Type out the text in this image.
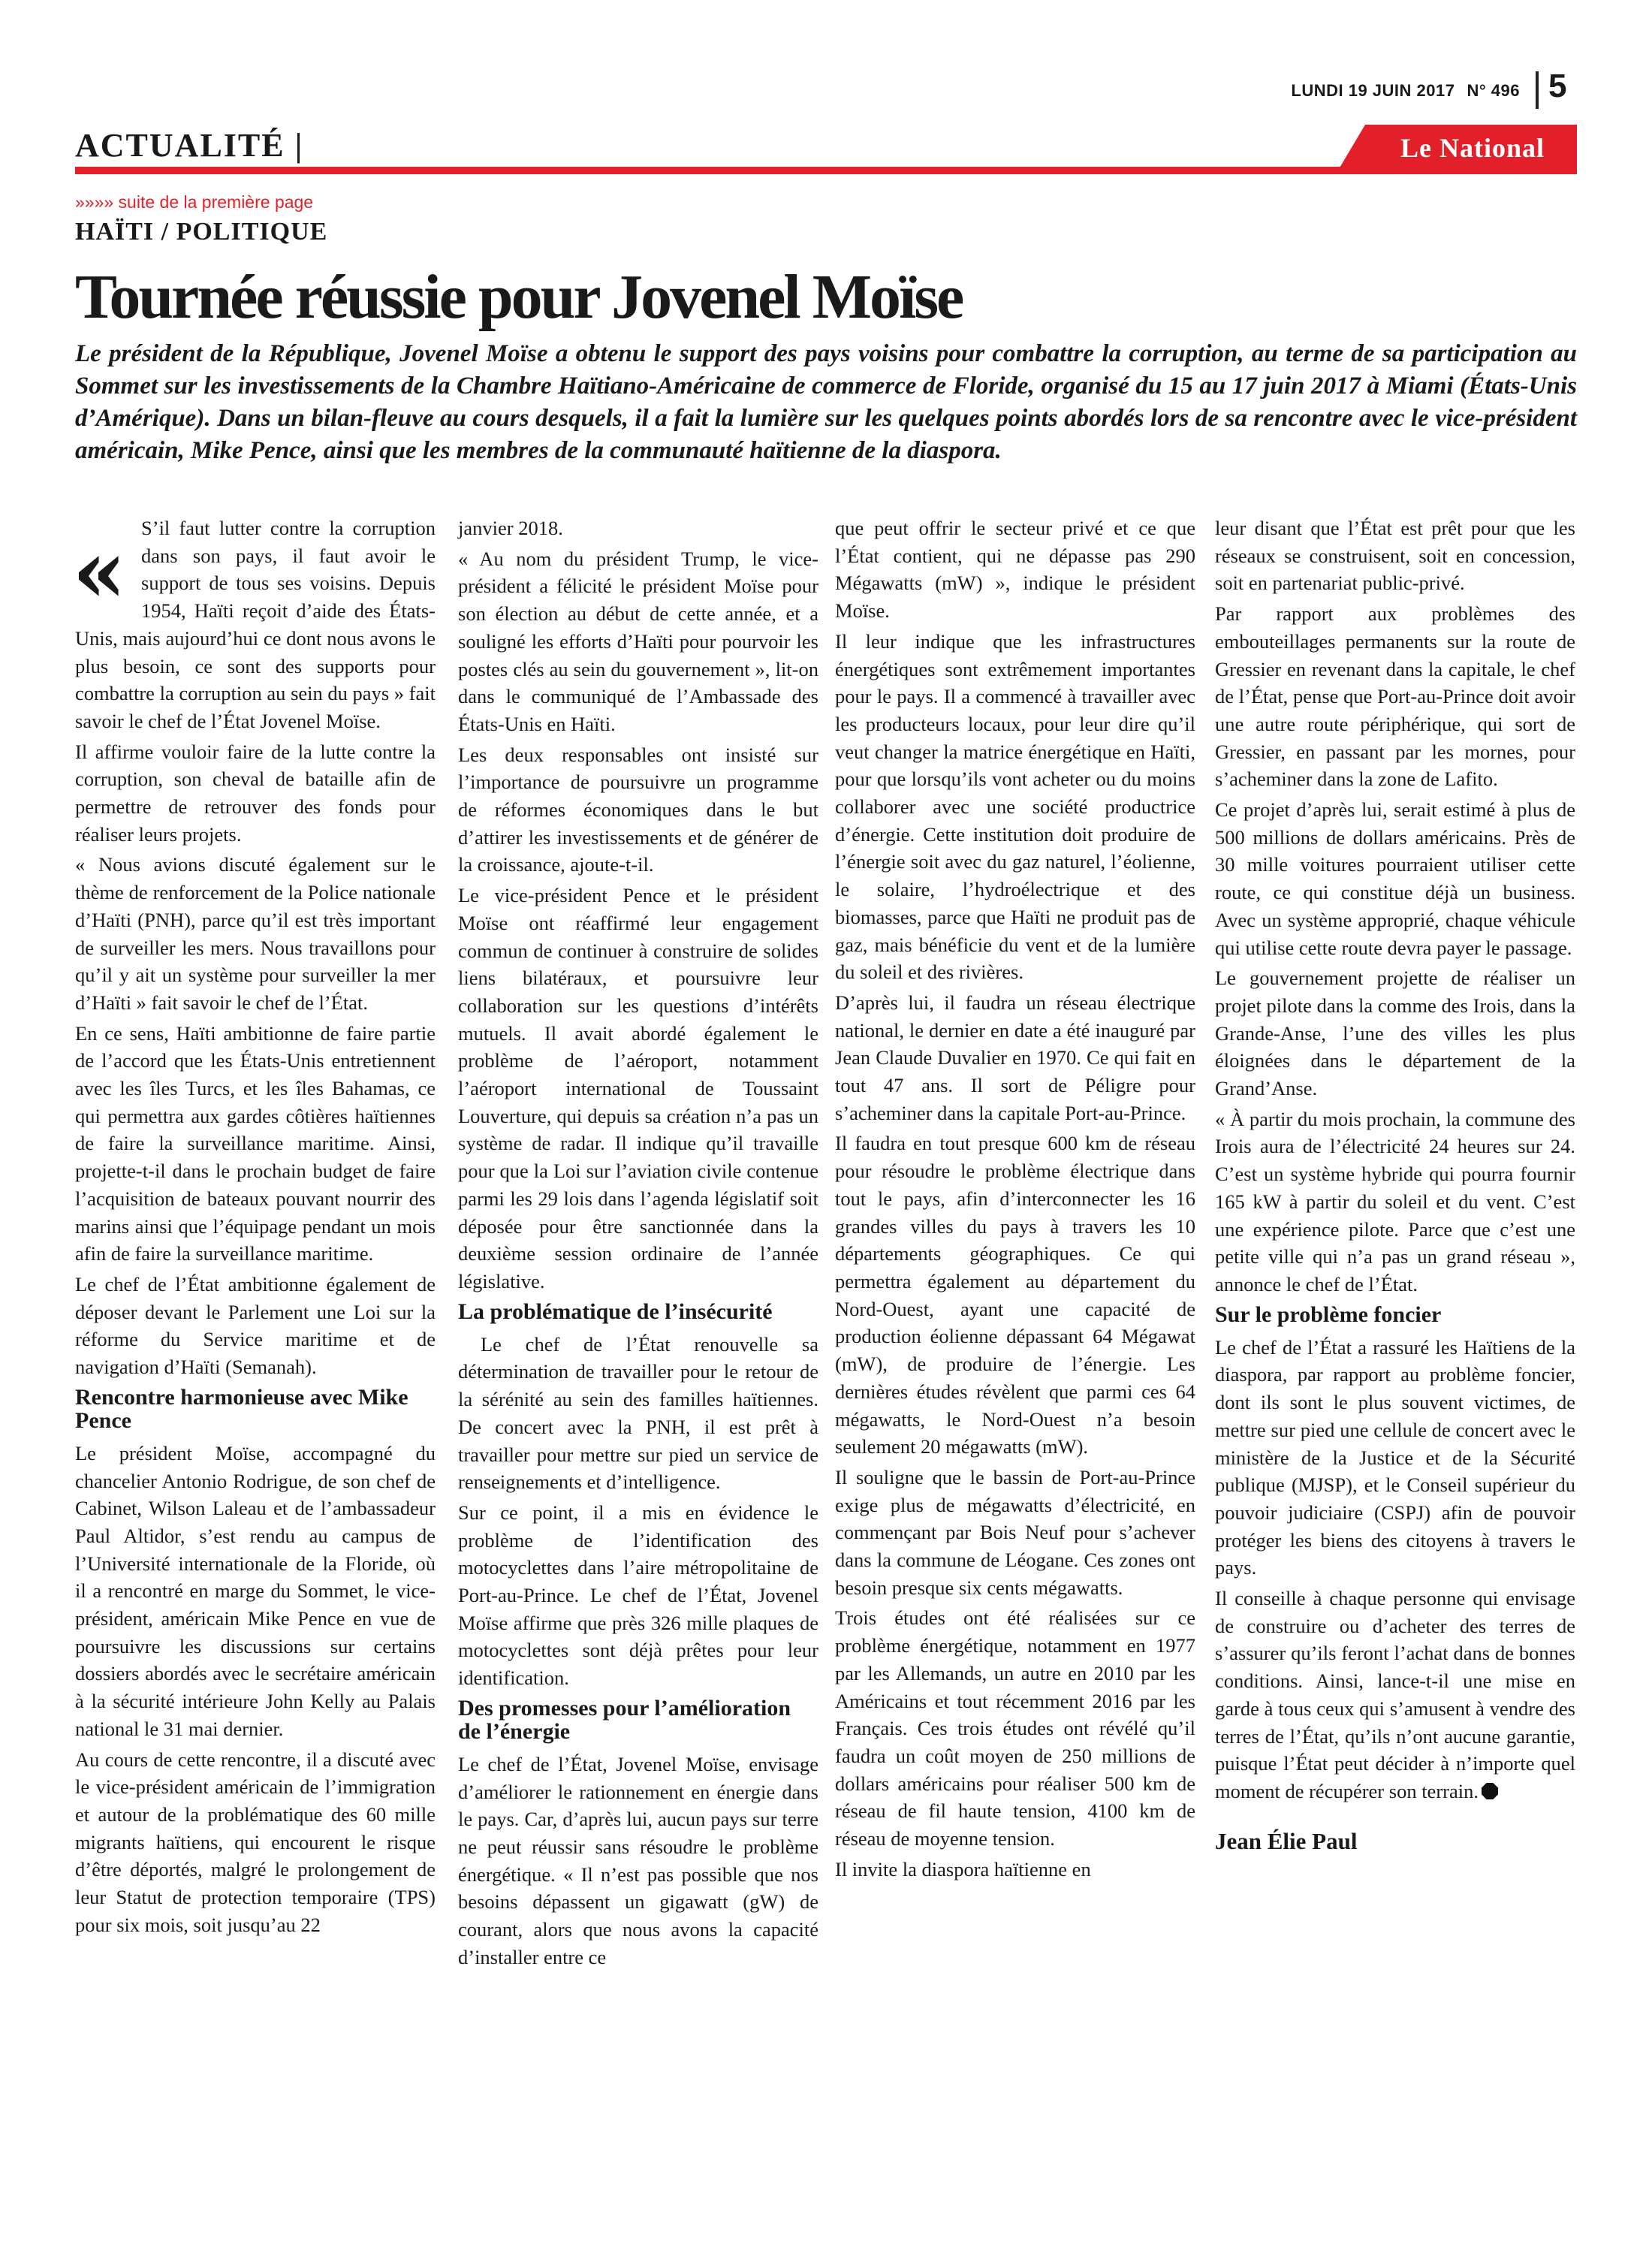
LUNDI 19 JUIN 2017 N° 496 5
ACTUALITÉ |	Le National
»»»» suite de la première page
HAÏTI / POLITIQUE
Tournée réussie pour Jovenel Moïse

Le président de la République, Jovenel Moïse a obtenu le support des pays voisins pour combattre la corruption, au terme de sa participation au Sommet sur les investissements de la Chambre Haïtiano-Américaine de commerce de Floride, organisé du 15 au 17 juin 2017 à Miami (États-Unis d’Amérique). Dans un bilan-fleuve au cours desquels, il a fait la lumière sur les quelques points abordés lors de sa rencontre avec le vice-président américain, Mike Pence, ainsi que les membres de la communauté haïtienne de la diaspora.

« S’il faut lutter contre la corruption dans son pays, il faut avoir le support de tous ses voisins. Depuis 1954, Haïti reçoit d’aide des États-Unis, mais aujourd’hui ce dont nous avons le plus besoin, ce sont des supports pour combattre la corruption au sein du pays » fait savoir le chef de l’État Jovenel Moïse.

Il affirme vouloir faire de la lutte contre la corruption, son cheval de bataille afin de permettre de retrouver des fonds pour réaliser leurs projets.

« Nous avions discuté également sur le thème de renforcement de la Police nationale d’Haïti (PNH), parce qu’il est très important de surveiller les mers. Nous travaillons pour qu’il y ait un système pour surveiller la mer d’Haïti » fait savoir le chef de l’État.

En ce sens, Haïti ambitionne de faire partie de l’accord que les États-Unis entretiennent avec les îles Turcs, et les îles Bahamas, ce qui permettra aux gardes côtières haïtiennes de faire la surveillance maritime. Ainsi, projette-t-il dans le prochain budget de faire l’acquisition de bateaux pouvant nourrir des marins ainsi que l’équipage pendant un mois afin de faire la surveillance maritime.

Le chef de l’État ambitionne également de déposer devant le Parlement une Loi sur la réforme du Service maritime et de navigation d’Haïti (Semanah).

Rencontre harmonieuse avec Mike Pence

Le président Moïse, accompagné du chancelier Antonio Rodrigue, de son chef de Cabinet, Wilson Laleau et de l’ambassadeur Paul Altidor, s’est rendu au campus de l’Université internationale de la Floride, où il a rencontré en marge du Sommet, le vice-président, américain Mike Pence en vue de poursuivre les discussions sur certains dossiers abordés avec le secrétaire américain à la sécurité intérieure John Kelly au Palais national le 31 mai dernier.

Au cours de cette rencontre, il a discuté avec le vice-président américain de l’immigration et autour de la problématique des 60 mille migrants haïtiens, qui encourent le risque d’être déportés, malgré le prolongement de leur Statut de protection temporaire (TPS) pour six mois, soit jusqu’au 22

janvier 2018.

« Au nom du président Trump, le vice-président a félicité le président Moïse pour son élection au début de cette année, et a souligné les efforts d’Haïti pour pourvoir les postes clés au sein du gouvernement », lit-on dans le communiqué de l’Ambassade des États-Unis en Haïti.

Les deux responsables ont insisté sur l’importance de poursuivre un programme de réformes économiques dans le but d’attirer les investissements et de générer de la croissance, ajoute-t-il.

Le vice-président Pence et le président Moïse ont réaffirmé leur engagement commun de continuer à construire de solides liens bilatéraux, et poursuivre leur collaboration sur les questions d’intérêts mutuels. Il avait abordé également le problème de l’aéroport, notamment l’aéroport international de Toussaint Louverture, qui depuis sa création n’a pas un système de radar. Il indique qu’il travaille pour que la Loi sur l’aviation civile contenue parmi les 29 lois dans l’agenda législatif soit déposée pour être sanctionnée dans la deuxième session ordinaire de l’année législative.

La problématique de l’insécurité

Le chef de l’État renouvelle sa détermination de travailler pour le retour de la sérénité au sein des familles haïtiennes. De concert avec la PNH, il est prêt à travailler pour mettre sur pied un service de renseignements et d’intelligence.

Sur ce point, il a mis en évidence le problème de l’identification des motocyclettes dans l’aire métropolitaine de Port-au-Prince. Le chef de l’État, Jovenel Moïse affirme que près 326 mille plaques de motocyclettes sont déjà prêtes pour leur identification.

Des promesses pour l’amélioration de l’énergie

Le chef de l’État, Jovenel Moïse, envisage d’améliorer le rationnement en énergie dans le pays. Car, d’après lui, aucun pays sur terre ne peut réussir sans résoudre le problème énergétique. « Il n’est pas possible que nos besoins dépassent un gigawatt (gW) de courant, alors que nous avons la capacité d’installer entre ce

que peut offrir le secteur privé et ce que l’État contient, qui ne dépasse pas 290 Mégawatts (mW) », indique le président Moïse.

Il leur indique que les infrastructures énergétiques sont extrêmement importantes pour le pays. Il a commencé à travailler avec les producteurs locaux, pour leur dire qu’il veut changer la matrice énergétique en Haïti, pour que lorsqu’ils vont acheter ou du moins collaborer avec une société productrice d’énergie. Cette institution doit produire de l’énergie soit avec du gaz naturel, l’éolienne, le solaire, l’hydroélectrique et des biomasses, parce que Haïti ne produit pas de gaz, mais bénéficie du vent et de la lumière du soleil et des rivières.

D’après lui, il faudra un réseau électrique national, le dernier en date a été inauguré par Jean Claude Duvalier en 1970. Ce qui fait en tout 47 ans. Il sort de Péligre pour s’acheminer dans la capitale Port-au-Prince.

Il faudra en tout presque 600 km de réseau pour résoudre le problème électrique dans tout le pays, afin d’interconnecter les 16 grandes villes du pays à travers les 10 départements géographiques. Ce qui permettra également au département du Nord-Ouest, ayant une capacité de production éolienne dépassant 64 Mégawat (mW), de produire de l’énergie. Les dernières études révèlent que parmi ces 64 mégawatts, le Nord-Ouest n’a besoin seulement 20 mégawatts (mW).

Il souligne que le bassin de Port-au-Prince exige plus de mégawatts d’électricité, en commençant par Bois Neuf pour s’achever dans la commune de Léogane. Ces zones ont besoin presque six cents mégawatts.

Trois études ont été réalisées sur ce problème énergétique, notamment en 1977 par les Allemands, un autre en 2010 par les Américains et tout récemment 2016 par les Français. Ces trois études ont révélé qu’il faudra un coût moyen de 250 millions de dollars américains pour réaliser 500 km de réseau de fil haute tension, 4100 km de réseau de moyenne tension.

Il invite la diaspora haïtienne en

leur disant que l’État est prêt pour que les réseaux se construisent, soit en concession, soit en partenariat public-privé.

Par rapport aux problèmes des embouteillages permanents sur la route de Gressier en revenant dans la capitale, le chef de l’État, pense que Port-au-Prince doit avoir une autre route périphérique, qui sort de Gressier, en passant par les mornes, pour s’acheminer dans la zone de Lafito.

Ce projet d’après lui, serait estimé à plus de 500 millions de dollars américains. Près de 30 mille voitures pourraient utiliser cette route, ce qui constitue déjà un business. Avec un système approprié, chaque véhicule qui utilise cette route devra payer le passage.

Le gouvernement projette de réaliser un projet pilote dans la comme des Irois, dans la Grande-Anse, l’une des villes les plus éloignées dans le département de la Grand’Anse.

« À partir du mois prochain, la commune des Irois aura de l’électricité 24 heures sur 24. C’est un système hybride qui pourra fournir 165 kW à partir du soleil et du vent. C’est une expérience pilote. Parce que c’est une petite ville qui n’a pas un grand réseau », annonce le chef de l’État.

Sur le problème foncier

Le chef de l’État a rassuré les Haïtiens de la diaspora, par rapport au problème foncier, dont ils sont le plus souvent victimes, de mettre sur pied une cellule de concert avec le ministère de la Justice et de la Sécurité publique (MJSP), et le Conseil supérieur du pouvoir judiciaire (CSPJ) afin de pouvoir protéger les biens des citoyens à travers le pays.

Il conseille à chaque personne qui envisage de construire ou d’acheter des terres de s’assurer qu’ils feront l’achat dans de bonnes conditions. Ainsi, lance-t-il une mise en garde à tous ceux qui s’amusent à vendre des terres de l’État, qu’ils n’ont aucune garantie, puisque l’État peut décider à n’importe quel moment de récupérer son terrain.

Jean Élie Paul
